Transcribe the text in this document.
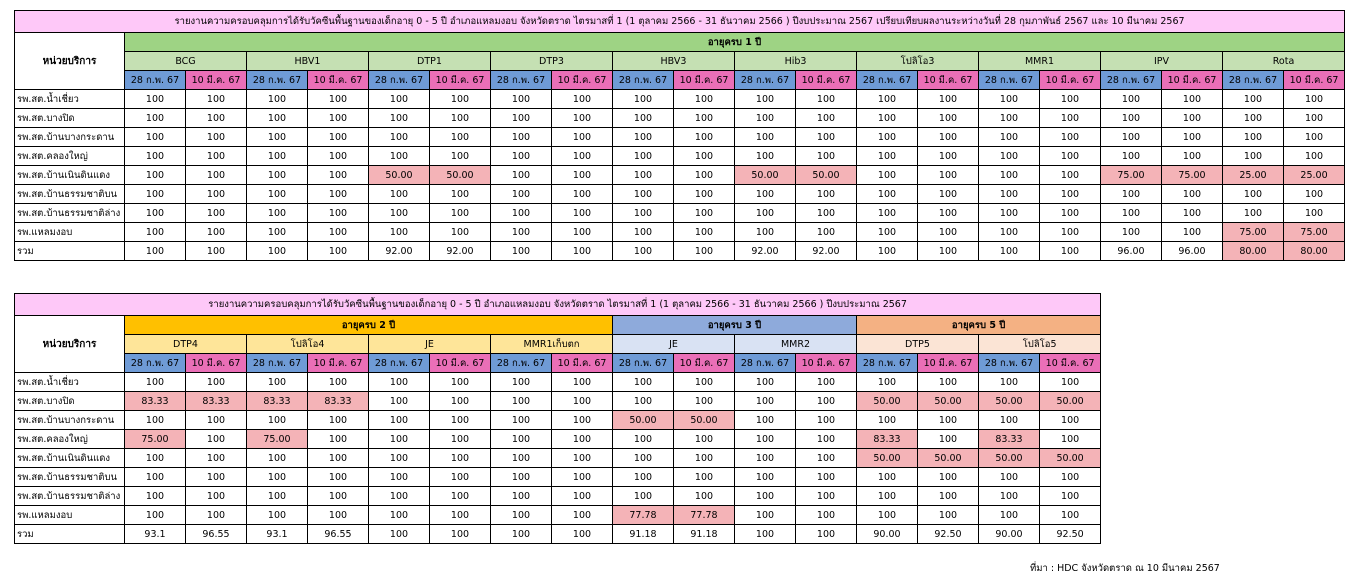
รายงานความครอบคลุมการได้รับวัคซีนพื้นฐานของเด็กอายุ 0 - 5 ปี อำเภอแหลมงอบ จังหวัดตราด ไตรมาสที่ 1 (1 ตุลาคม 2566 - 31 ธันวาคม 2566 ) ปีงบประมาณ 2567 เปรียบเทียบผลงานระหว่างวันที่ 28 กุมภาพันธ์ 2567 และ 10 มีนาคม 2567																				
หน่วยบริการ	อายุครบ 1 ปี																			
	BCG		HBV1		DTP1		DTP3		HBV3		Hib3		โปลิโอ3		MMR1		IPV		Rota	
	28 ก.พ. 67	10 มี.ค. 67	28 ก.พ. 67	10 มี.ค. 67	28 ก.พ. 67	10 มี.ค. 67	28 ก.พ. 67	10 มี.ค. 67	28 ก.พ. 67	10 มี.ค. 67	28 ก.พ. 67	10 มี.ค. 67	28 ก.พ. 67	10 มี.ค. 67	28 ก.พ. 67	10 มี.ค. 67	28 ก.พ. 67	10 มี.ค. 67	28 ก.พ. 67	10 มี.ค. 67
รพ.สต.น้ำเชี่ยว	100	100	100	100	100	100	100	100	100	100	100	100	100	100	100	100	100	100	100	100
รพ.สต.บางปิด	100	100	100	100	100	100	100	100	100	100	100	100	100	100	100	100	100	100	100	100
รพ.สต.บ้านบางกระดาน	100	100	100	100	100	100	100	100	100	100	100	100	100	100	100	100	100	100	100	100
รพ.สต.คลองใหญ่	100	100	100	100	100	100	100	100	100	100	100	100	100	100	100	100	100	100	100	100
รพ.สต.บ้านเนินดินแดง	100	100	100	100	50.00	50.00	100	100	100	100	50.00	50.00	100	100	100	100	75.00	75.00	25.00	25.00
รพ.สต.บ้านธรรมชาติบน	100	100	100	100	100	100	100	100	100	100	100	100	100	100	100	100	100	100	100	100
รพ.สต.บ้านธรรมชาติล่าง	100	100	100	100	100	100	100	100	100	100	100	100	100	100	100	100	100	100	100	100
รพ.แหลมงอบ	100	100	100	100	100	100	100	100	100	100	100	100	100	100	100	100	100	100	75.00	75.00
รวม	100	100	100	100	92.00	92.00	100	100	100	100	92.00	92.00	100	100	100	100	96.00	96.00	80.00	80.00
รายงานความครอบคลุมการได้รับวัคซีนพื้นฐานของเด็กอายุ 0 - 5 ปี อำเภอแหลมงอบ จังหวัดตราด ไตรมาสที่ 1 (1 ตุลาคม 2566 - 31 ธันวาคม 2566 ) ปีงบประมาณ 2567																
หน่วยบริการ	อายุครบ 2 ปี								อายุครบ 3 ปี				อายุครบ 5 ปี			
	DTP4		โปลิโอ4		JE		MMR1เก็บตก		JE		MMR2		DTP5		โปลิโอ5	
	28 ก.พ. 67	10 มี.ค. 67	28 ก.พ. 67	10 มี.ค. 67	28 ก.พ. 67	10 มี.ค. 67	28 ก.พ. 67	10 มี.ค. 67	28 ก.พ. 67	10 มี.ค. 67	28 ก.พ. 67	10 มี.ค. 67	28 ก.พ. 67	10 มี.ค. 67	28 ก.พ. 67	10 มี.ค. 67
รพ.สต.น้ำเชี่ยว	100	100	100	100	100	100	100	100	100	100	100	100	100	100	100	100
รพ.สต.บางปิด	83.33	83.33	83.33	83.33	100	100	100	100	100	100	100	100	50.00	50.00	50.00	50.00
รพ.สต.บ้านบางกระดาน	100	100	100	100	100	100	100	100	50.00	50.00	100	100	100	100	100	100
รพ.สต.คลองใหญ่	75.00	100	75.00	100	100	100	100	100	100	100	100	100	83.33	100	83.33	100
รพ.สต.บ้านเนินดินแดง	100	100	100	100	100	100	100	100	100	100	100	100	50.00	50.00	50.00	50.00
รพ.สต.บ้านธรรมชาติบน	100	100	100	100	100	100	100	100	100	100	100	100	100	100	100	100
รพ.สต.บ้านธรรมชาติล่าง	100	100	100	100	100	100	100	100	100	100	100	100	100	100	100	100
รพ.แหลมงอบ	100	100	100	100	100	100	100	100	77.78	77.78	100	100	100	100	100	100
รวม	93.1	96.55	93.1	96.55	100	100	100	100	91.18	91.18	100	100	90.00	92.50	90.00	92.50
ที่มา : HDC จังหวัดตราด ณ 10 มีนาคม 2567
